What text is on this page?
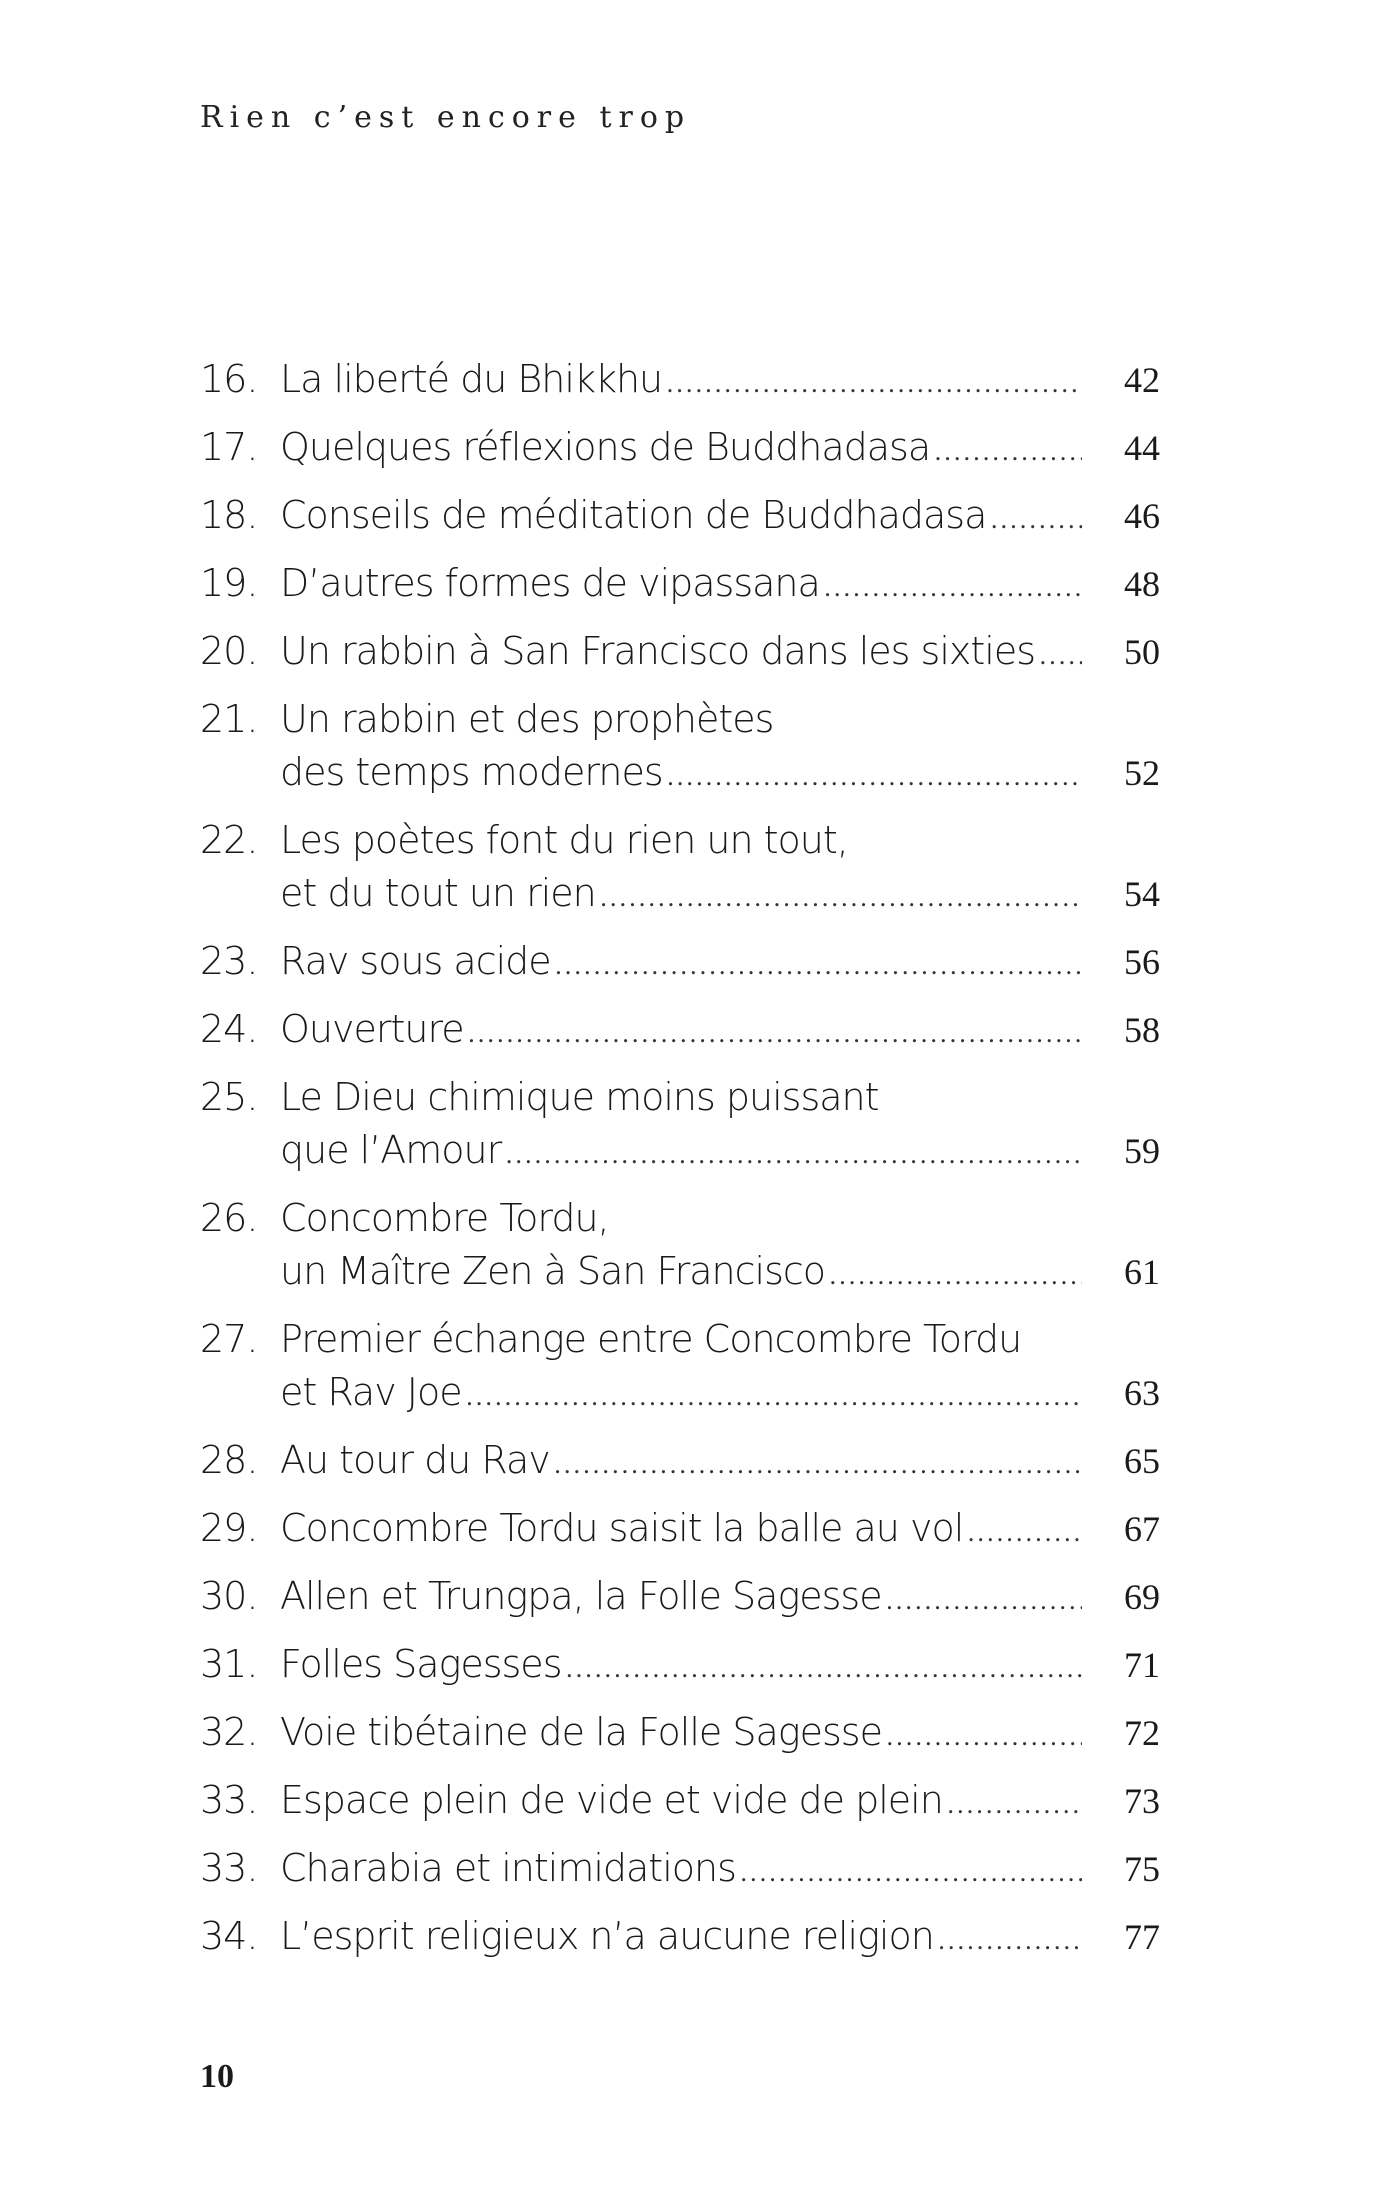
Rien c’est encore trop
16. La liberté du Bhikkhu .....	42
17. Quelques réflexions de Buddhadasa .....	44
18. Conseils de méditation de Buddhadasa .....	46
19. D’autres formes de vipassana .....	48
20. Un rabbin à San Francisco dans les sixties .....	50
21. Un rabbin et des prophètes
des temps modernes .....	52
22. Les poètes font du rien un tout,
et du tout un rien .....	54
23. Rav sous acide .....	56
24. Ouverture .....	58
25. Le Dieu chimique moins puissant
que l’Amour .....	59
26. Concombre Tordu,
un Maître Zen à San Francisco .....	61
27. Premier échange entre Concombre Tordu
et Rav Joe .....	63
28. Au tour du Rav .....	65
29. Concombre Tordu saisit la balle au vol .....	67
30. Allen et Trungpa, la Folle Sagesse .....	69
31. Folles Sagesses .....	71
32. Voie tibétaine de la Folle Sagesse .....	72
33. Espace plein de vide et vide de plein .....	73
33. Charabia et intimidations .....	75
34. L’esprit religieux n’a aucune religion .....	77
10
